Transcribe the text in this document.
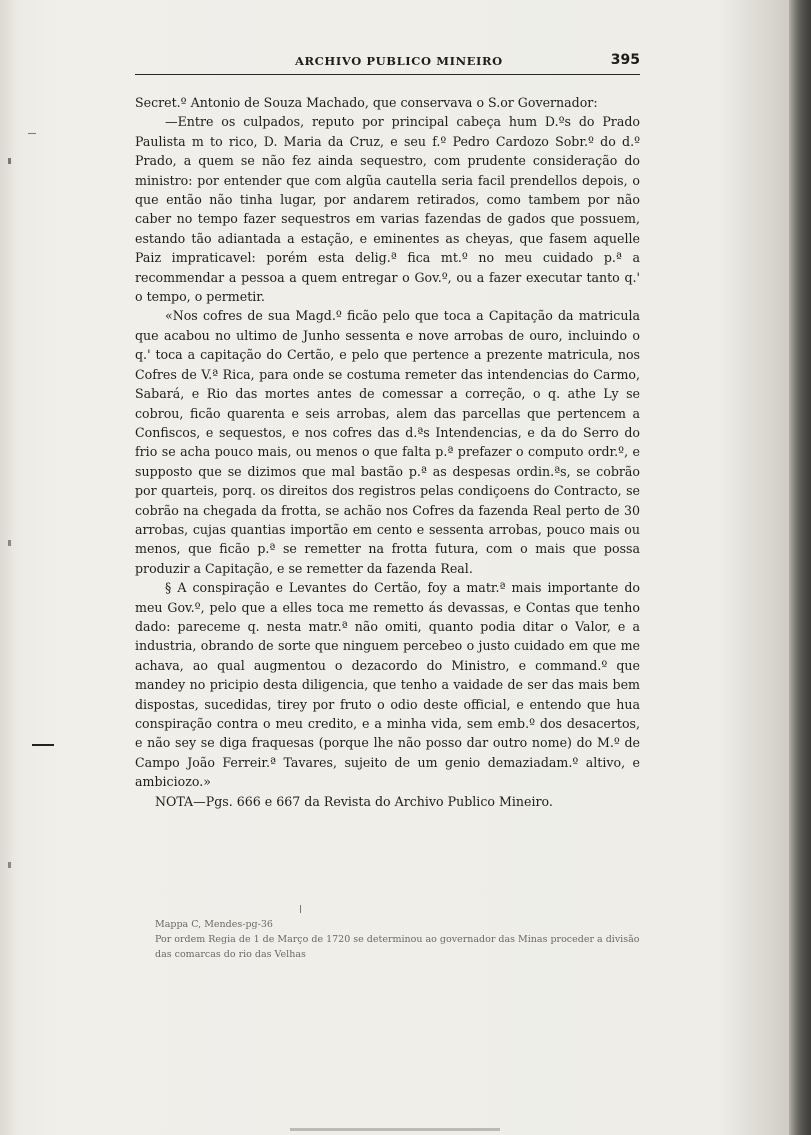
ARCHIVO PUBLICO MINEIRO	395

Secret.º Antonio de Souza Machado, que conservava o S.or Governador:

—Entre os culpados, reputo por principal cabeça hum D.ºs do Prado Paulista m to rico, D. Maria da Cruz, e seu f.º Pedro Cardozo Sobr.º do d.º Prado, a quem se não fez ainda sequestro, com prudente consideração do ministro: por entender que com algũa cautella seria facil prendellos depois, o que então não tinha lugar, por andarem retirados, como tambem por não caber no tempo fazer sequestros em varias fazendas de gados que possuem, estando tão adiantada a estação, e eminentes as cheyas, que fasem aquelle Paiz impraticavel: porém esta delig.ª fica mt.º no meu cuidado p.ª a recommendar a pessoa a quem entregar o Gov.º, ou a fazer executar tanto q.' o tempo, o permetir.

«Nos cofres de sua Magd.º ficão pelo que toca a Capitação da matricula que acabou no ultimo de Junho sessenta e nove arrobas de ouro, incluindo o q.' toca a capitação do Certão, e pelo que pertence a prezente matricula, nos Cofres de V.ª Rica, para onde se costuma remeter das intendencias do Carmo, Sabará, e Rio das mortes antes de comessar a correção, o q. athe Ly se cobrou, ficão quarenta e seis arrobas, alem das parcellas que pertencem a Confiscos, e sequestos, e nos cofres das d.ªs Intendencias, e da do Serro do frio se acha pouco mais, ou menos o que falta p.ª prefazer o computo ordr.º, e supposto que se dizimos que mal bastão p.ª as despesas ordin.ªs, se cobrão por quarteis, porq. os direitos dos registros pelas condiçoens do Contracto, se cobrão na chegada da frotta, se achão nos Cofres da fazenda Real perto de 30 arrobas, cujas quantias importão em cento e sessenta arrobas, pouco mais ou menos, que ficão p.ª se remetter na frotta futura, com o mais que possa produzir a Capitação, e se remetter da fazenda Real.

§ A conspiração e Levantes do Certão, foy a matr.ª mais importante do meu Gov.º, pelo que a elles toca me remetto ás devassas, e Contas que tenho dado: pareceme q. nesta matr.ª não omiti, quanto podia ditar o Valor, e a industria, obrando de sorte que ninguem percebeo o justo cuidado em que me achava, ao qual augmentou o dezacordo do Ministro, e command.º que mandey no pricipio desta diligencia, que tenho a vaidade de ser das mais bem dispostas, sucedidas, tirey por fruto o odio deste official, e entendo que hua conspiração contra o meu credito, e a minha vida, sem emb.º dos desacertos, e não sey se diga fraquesas (porque lhe não posso dar outro nome) do M.º de Campo João Ferreir.ª Tavares, sujeito de um genio demaziadam.º altivo, e ambiciozo.»

NOTA—Pgs. 666 e 667 da Revista do Archivo Publico Mineiro.

Mappa C, Mendes-pg-36

Por ordem Regia de 1 de Março de 1720 se determinou ao governador das Minas proceder a divisão das comarcas do rio das Velhas
